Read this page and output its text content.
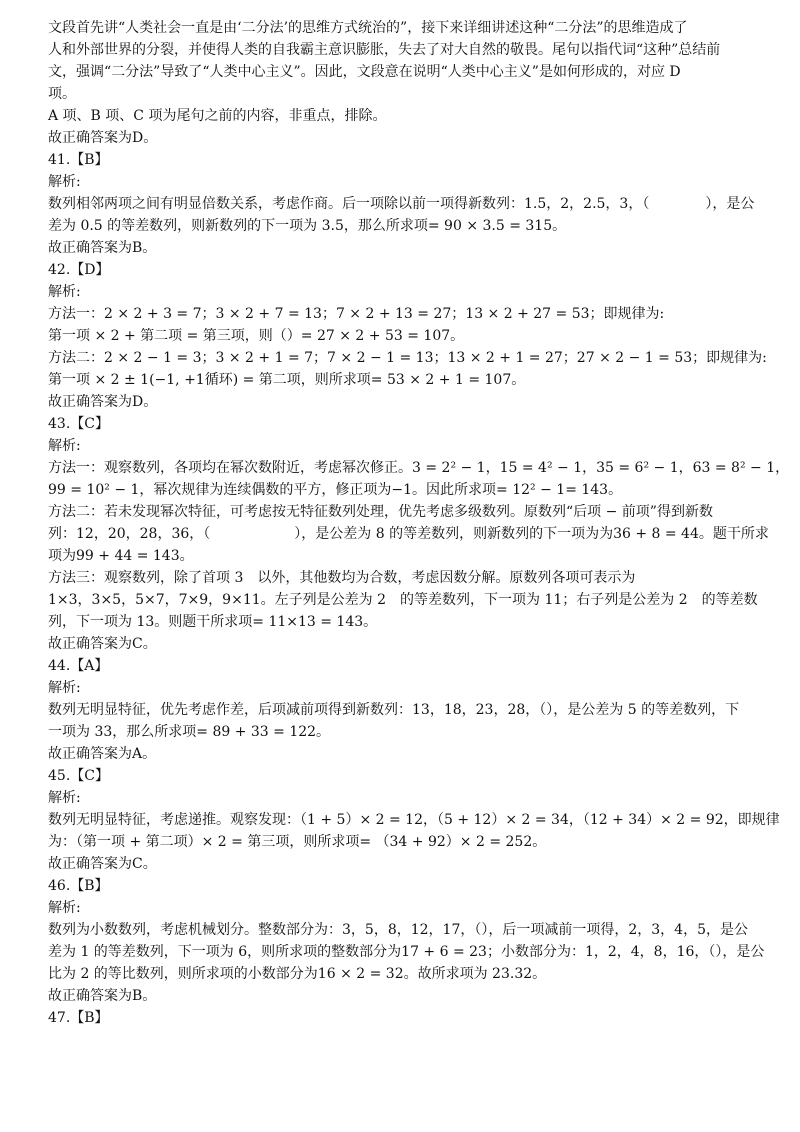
文段首先讲“人类社会一直是由‘二分法’的思维方式统治的”，接下来详细讲述这种“二分法”的思维造成了
人和外部世界的分裂，并使得人类的自我霸主意识膨胀，失去了对大自然的敬畏。尾句以指代词“这种”总结前
文，强调“二分法”导致了“人类中心主义”。因此，文段意在说明“人类中心主义”是如何形成的，对应 D
项。
A 项、B 项、C 项为尾句之前的内容，非重点，排除。
故正确答案为D。
41.【B】
解析:
数列相邻两项之间有明显倍数关系，考虑作商。后一项除以前一项得新数列：1.5，2，2.5，3，（　　　　），是公
差为 0.5 的等差数列，则新数列的下一项为 3.5，那么所求项= 90 × 3.5 = 315。
故正确答案为B。
42.【D】
解析:
方法一：2 × 2 + 3 = 7；3 × 2 + 7 = 13；7 × 2 + 13 = 27；13 × 2 + 27 = 53；即规律为:
第一项 × 2 + 第二项 = 第三项，则（）= 27 × 2 + 53 = 107。
方法二：2 × 2 − 1 = 3；3 × 2 + 1 = 7；7 × 2 − 1 = 13；13 × 2 + 1 = 27；27 × 2 − 1 = 53；即规律为:
第一项 × 2 ± 1(−1, +1循环) = 第二项，则所求项= 53 × 2 + 1 = 107。
故正确答案为D。
43.【C】
解析:
方法一：观察数列，各项均在幂次数附近，考虑幂次修正。3 = 2² − 1，15 = 4² − 1，35 = 6² − 1，63 = 8² − 1，
99 = 10² − 1，幂次规律为连续偶数的平方，修正项为−1。因此所求项= 12² − 1= 143。
方法二：若未发现幂次特征，可考虑按无特征数列处理，优先考虑多级数列。原数列“后项 − 前项”得到新数
列：12，20，28，36，（　　　　　　），是公差为 8 的等差数列，则新数列的下一项为为36 + 8 = 44。题干所求
项为99 + 44 = 143。
方法三：观察数列，除了首项 3　以外，其他数均为合数，考虑因数分解。原数列各项可表示为
1×3，3×5，5×7，7×9，9×11。左子列是公差为 2　的等差数列，下一项为 11；右子列是公差为 2　的等差数
列，下一项为 13。则题干所求项= 11×13 = 143。
故正确答案为C。
44.【A】
解析:
数列无明显特征，优先考虑作差，后项减前项得到新数列：13，18，23，28，（），是公差为 5 的等差数列，下
一项为 33，那么所求项= 89 + 33 = 122。
故正确答案为A。
45.【C】
解析:
数列无明显特征，考虑递推。观察发现：（1 + 5）× 2 = 12，（5 + 12）× 2 = 34，（12 + 34）× 2 = 92，即规律
为：（第一项 + 第二项）× 2 = 第三项，则所求项= （34 + 92）× 2 = 252。
故正确答案为C。
46.【B】
解析:
数列为小数数列，考虑机械划分。整数部分为：3，5，8，12，17，（），后一项减前一项得，2，3，4，5，是公
差为 1 的等差数列，下一项为 6，则所求项的整数部分为17 + 6 = 23；小数部分为：1，2，4，8，16，（），是公
比为 2 的等比数列，则所求项的小数部分为16 × 2 = 32。故所求项为 23.32。
故正确答案为B。
47.【B】
